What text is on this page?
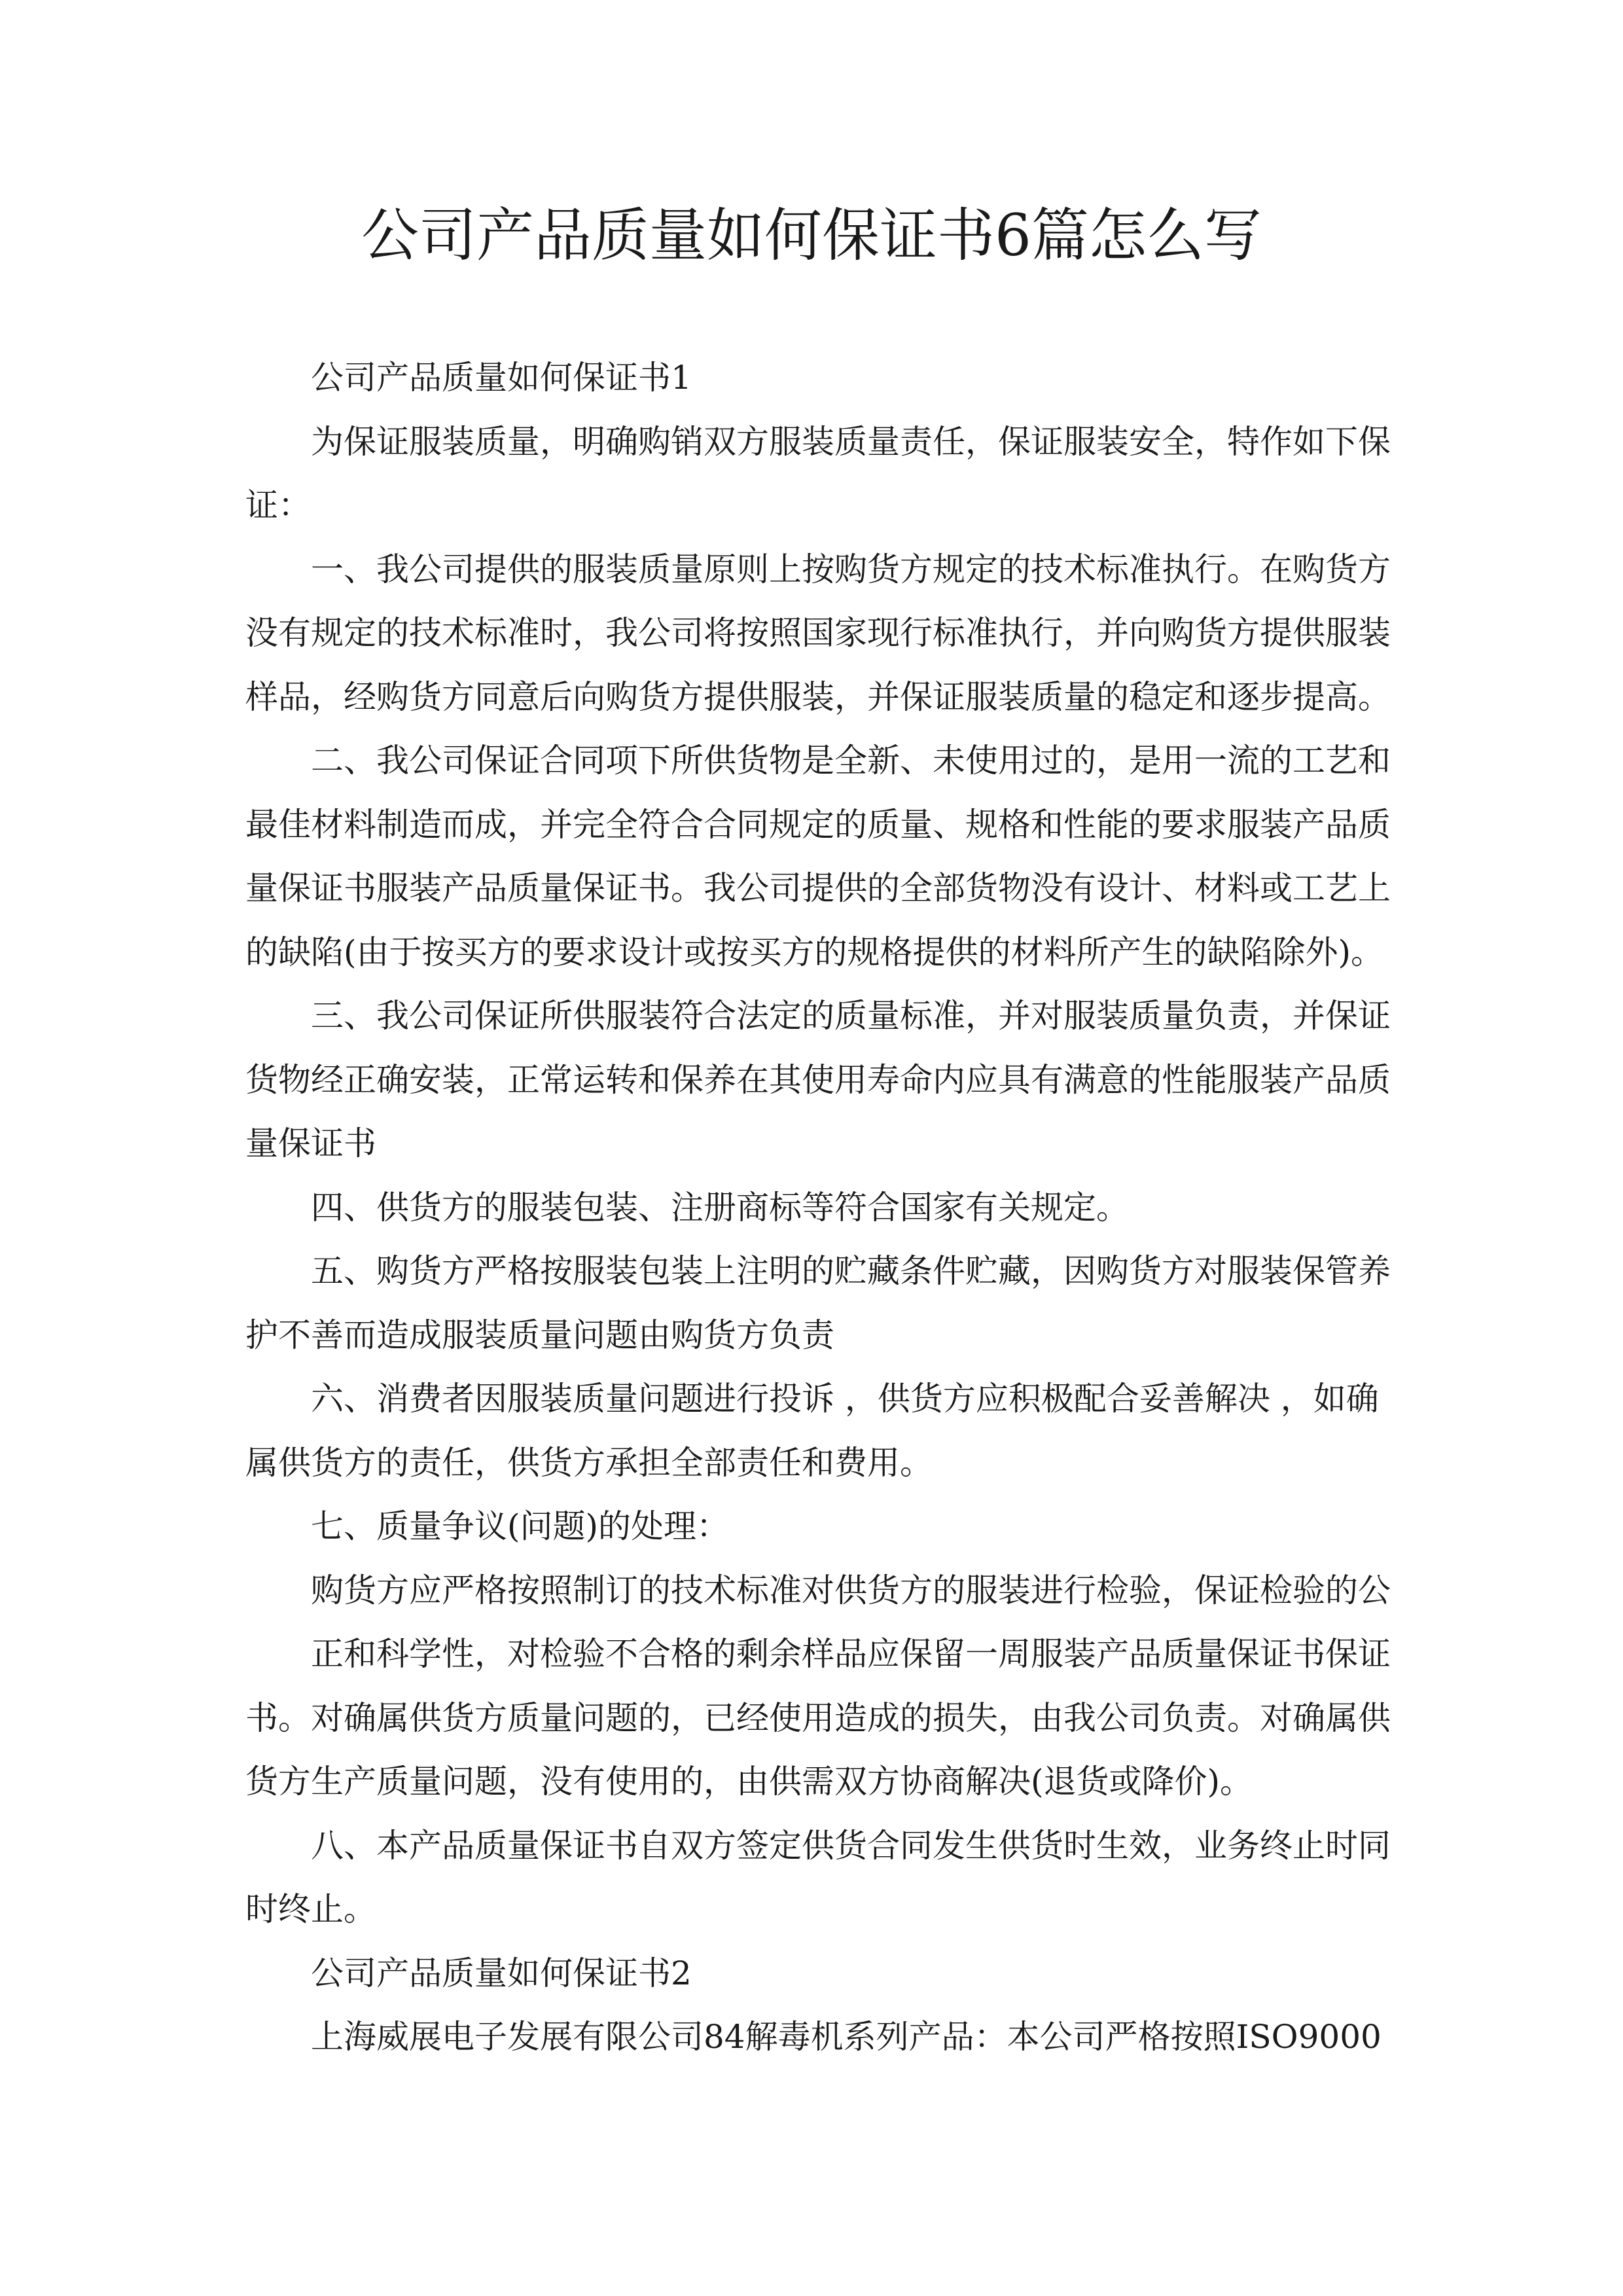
公司产品质量如何保证书6篇怎么写
公司产品质量如何保证书1
为保证服装质量，明确购销双方服装质量责任，保证服装安全，特作如下保
证：
一、我公司提供的服装质量原则上按购货方规定的技术标准执行。在购货方
没有规定的技术标准时，我公司将按照国家现行标准执行，并向购货方提供服装
样品，经购货方同意后向购货方提供服装，并保证服装质量的稳定和逐步提高。
二、我公司保证合同项下所供货物是全新、未使用过的，是用一流的工艺和
最佳材料制造而成，并完全符合合同规定的质量、规格和性能的要求服装产品质
量保证书服装产品质量保证书。我公司提供的全部货物没有设计、材料或工艺上
的缺陷(由于按买方的要求设计或按买方的规格提供的材料所产生的缺陷除外)。
三、我公司保证所供服装符合法定的质量标准，并对服装质量负责，并保证
货物经正确安装，正常运转和保养在其使用寿命内应具有满意的性能服装产品质
量保证书
四、供货方的服装包装、注册商标等符合国家有关规定。
五、购货方严格按服装包装上注明的贮藏条件贮藏，因购货方对服装保管养
护不善而造成服装质量问题由购货方负责
六、消费者因服装质量问题进行投诉 ，供货方应积极配合妥善解决 ，如确
属供货方的责任，供货方承担全部责任和费用。
七、质量争议(问题)的处理：
购货方应严格按照制订的技术标准对供货方的服装进行检验，保证检验的公
正和科学性，对检验不合格的剩余样品应保留一周服装产品质量保证书保证
书。对确属供货方质量问题的，已经使用造成的损失，由我公司负责。对确属供
货方生产质量问题，没有使用的，由供需双方协商解决(退货或降价)。
八、本产品质量保证书自双方签定供货合同发生供货时生效，业务终止时同
时终止。
公司产品质量如何保证书2
上海威展电子发展有限公司84解毒机系列产品：本公司严格按照ISO9000
